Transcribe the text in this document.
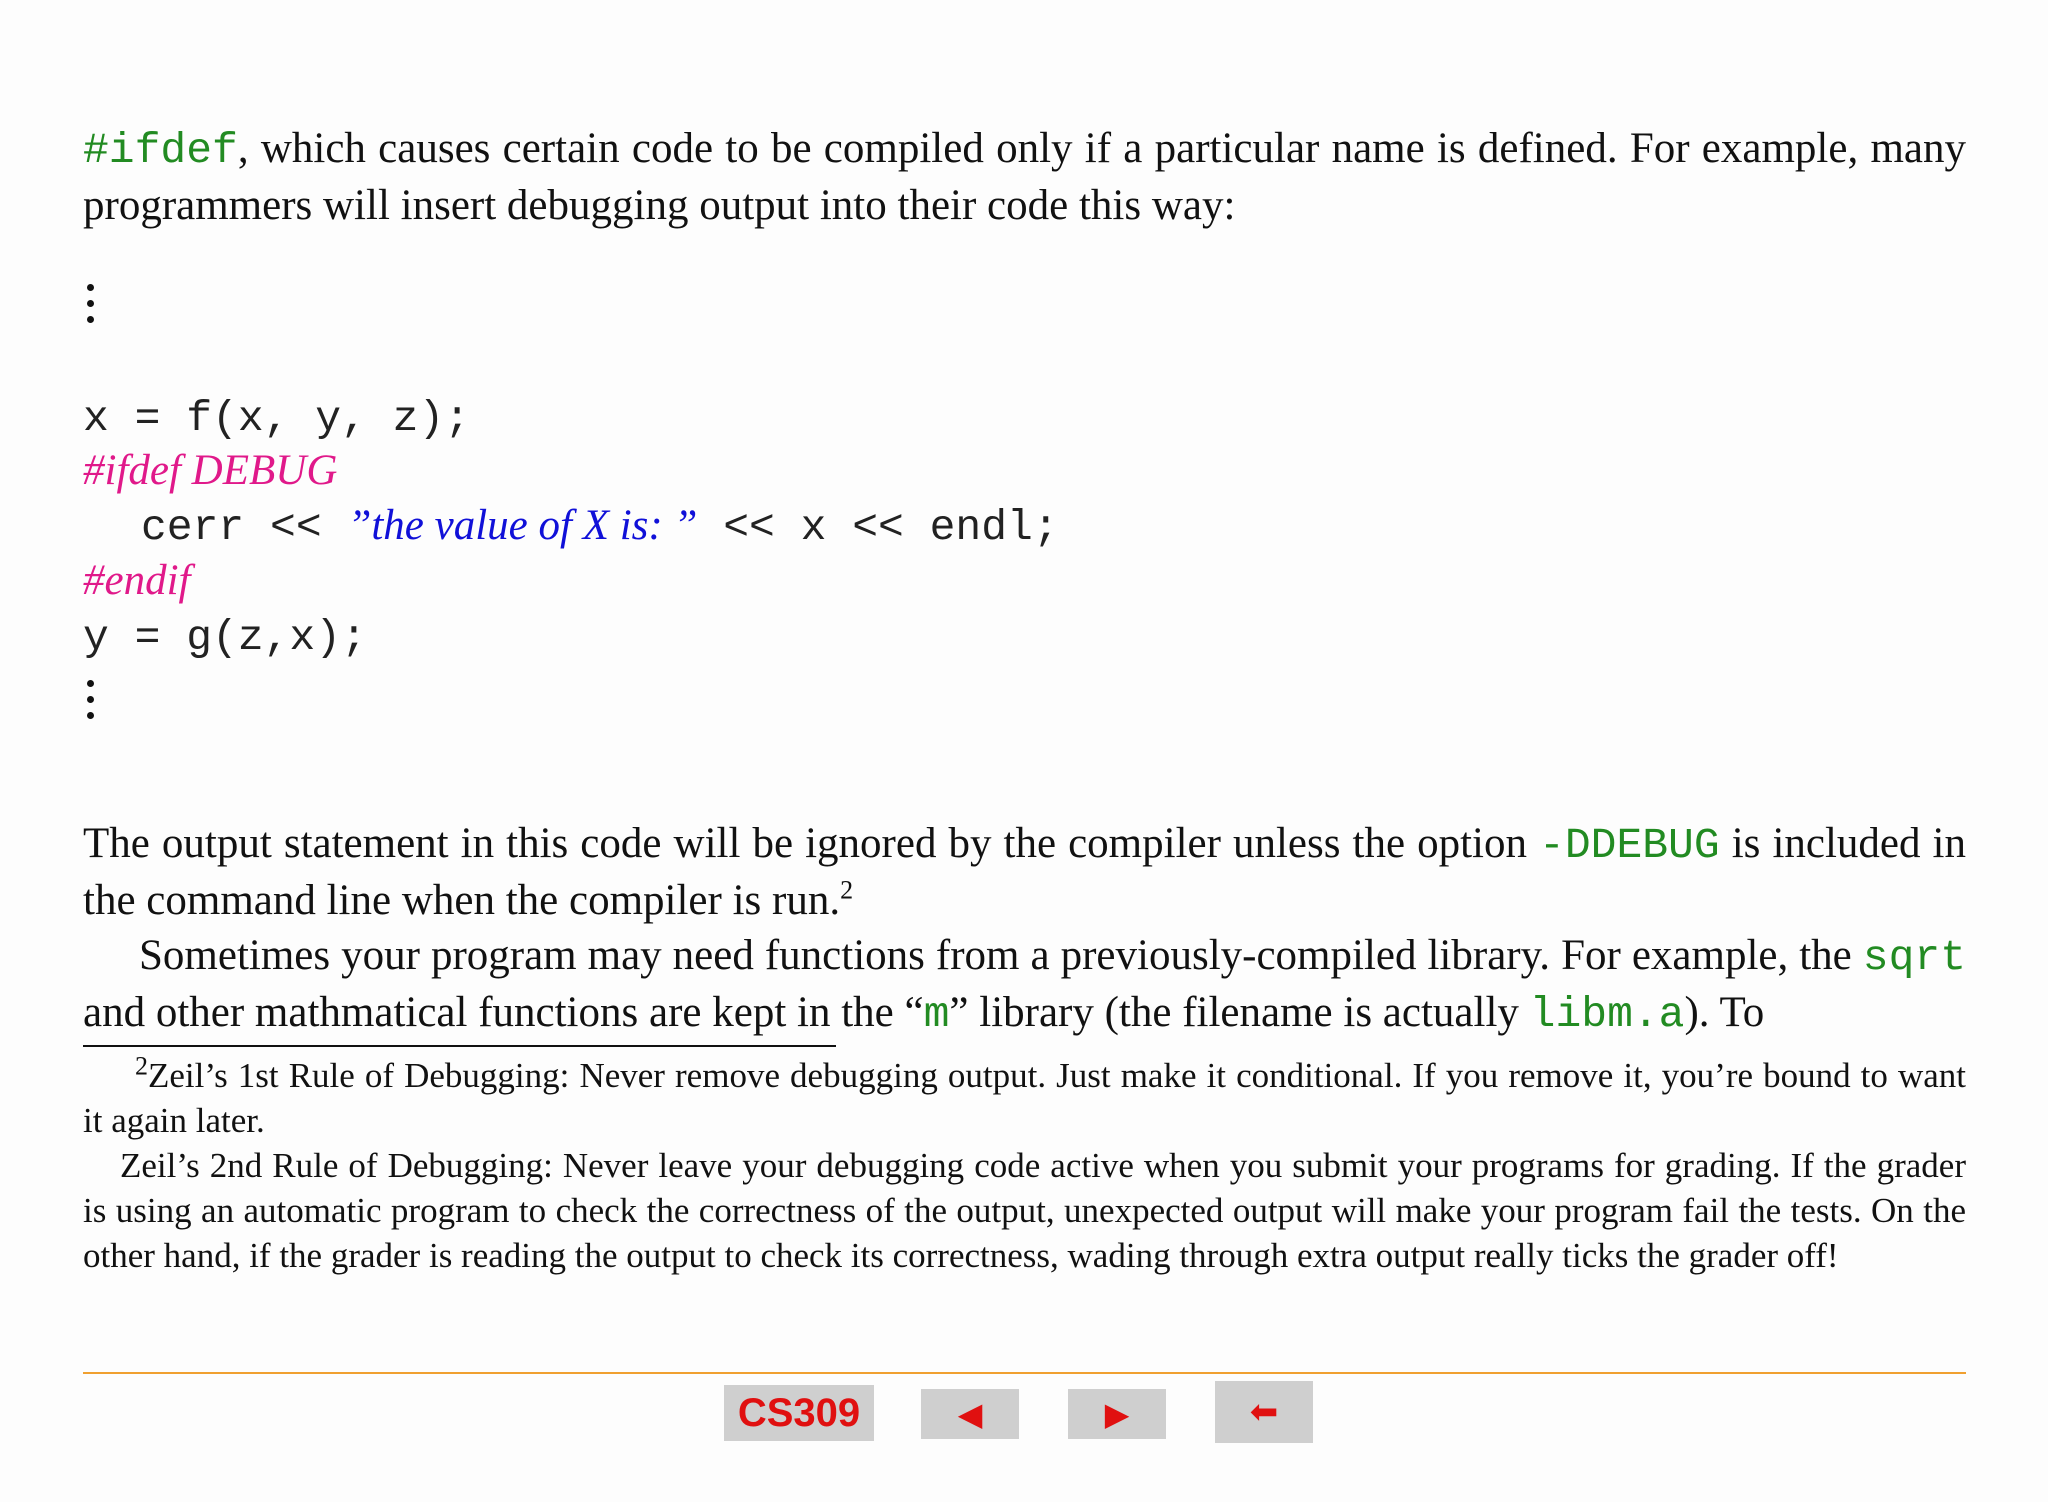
#ifdef, which causes certain code to be compiled only if a particular name is defined. For example, many programmers will insert debugging output into their code this way:
x = f(x, y, z);
#ifdef DEBUG
cerr << ”the value of X is: ” << x << endl;
#endif
y = g(z,x);
The output statement in this code will be ignored by the compiler unless the option -DDEBUG is included in the command line when the compiler is run.$^2$
Sometimes your program may need functions from a previously-compiled library. For example, the sqrt and other mathmatical functions are kept in the “m” library (the filename is actually libm.a). To
$^2$Zeil’s 1st Rule of Debugging: Never remove debugging output. Just make it conditional. If you remove it, you’re bound to want it again later.
Zeil’s 2nd Rule of Debugging: Never leave your debugging code active when you submit your programs for grading. If the grader is using an automatic program to check the correctness of the output, unexpected output will make your program fail the tests. On the other hand, if the grader is reading the output to check its correctness, wading through extra output really ticks the grader off!
CS309	◀	▶	⬅
